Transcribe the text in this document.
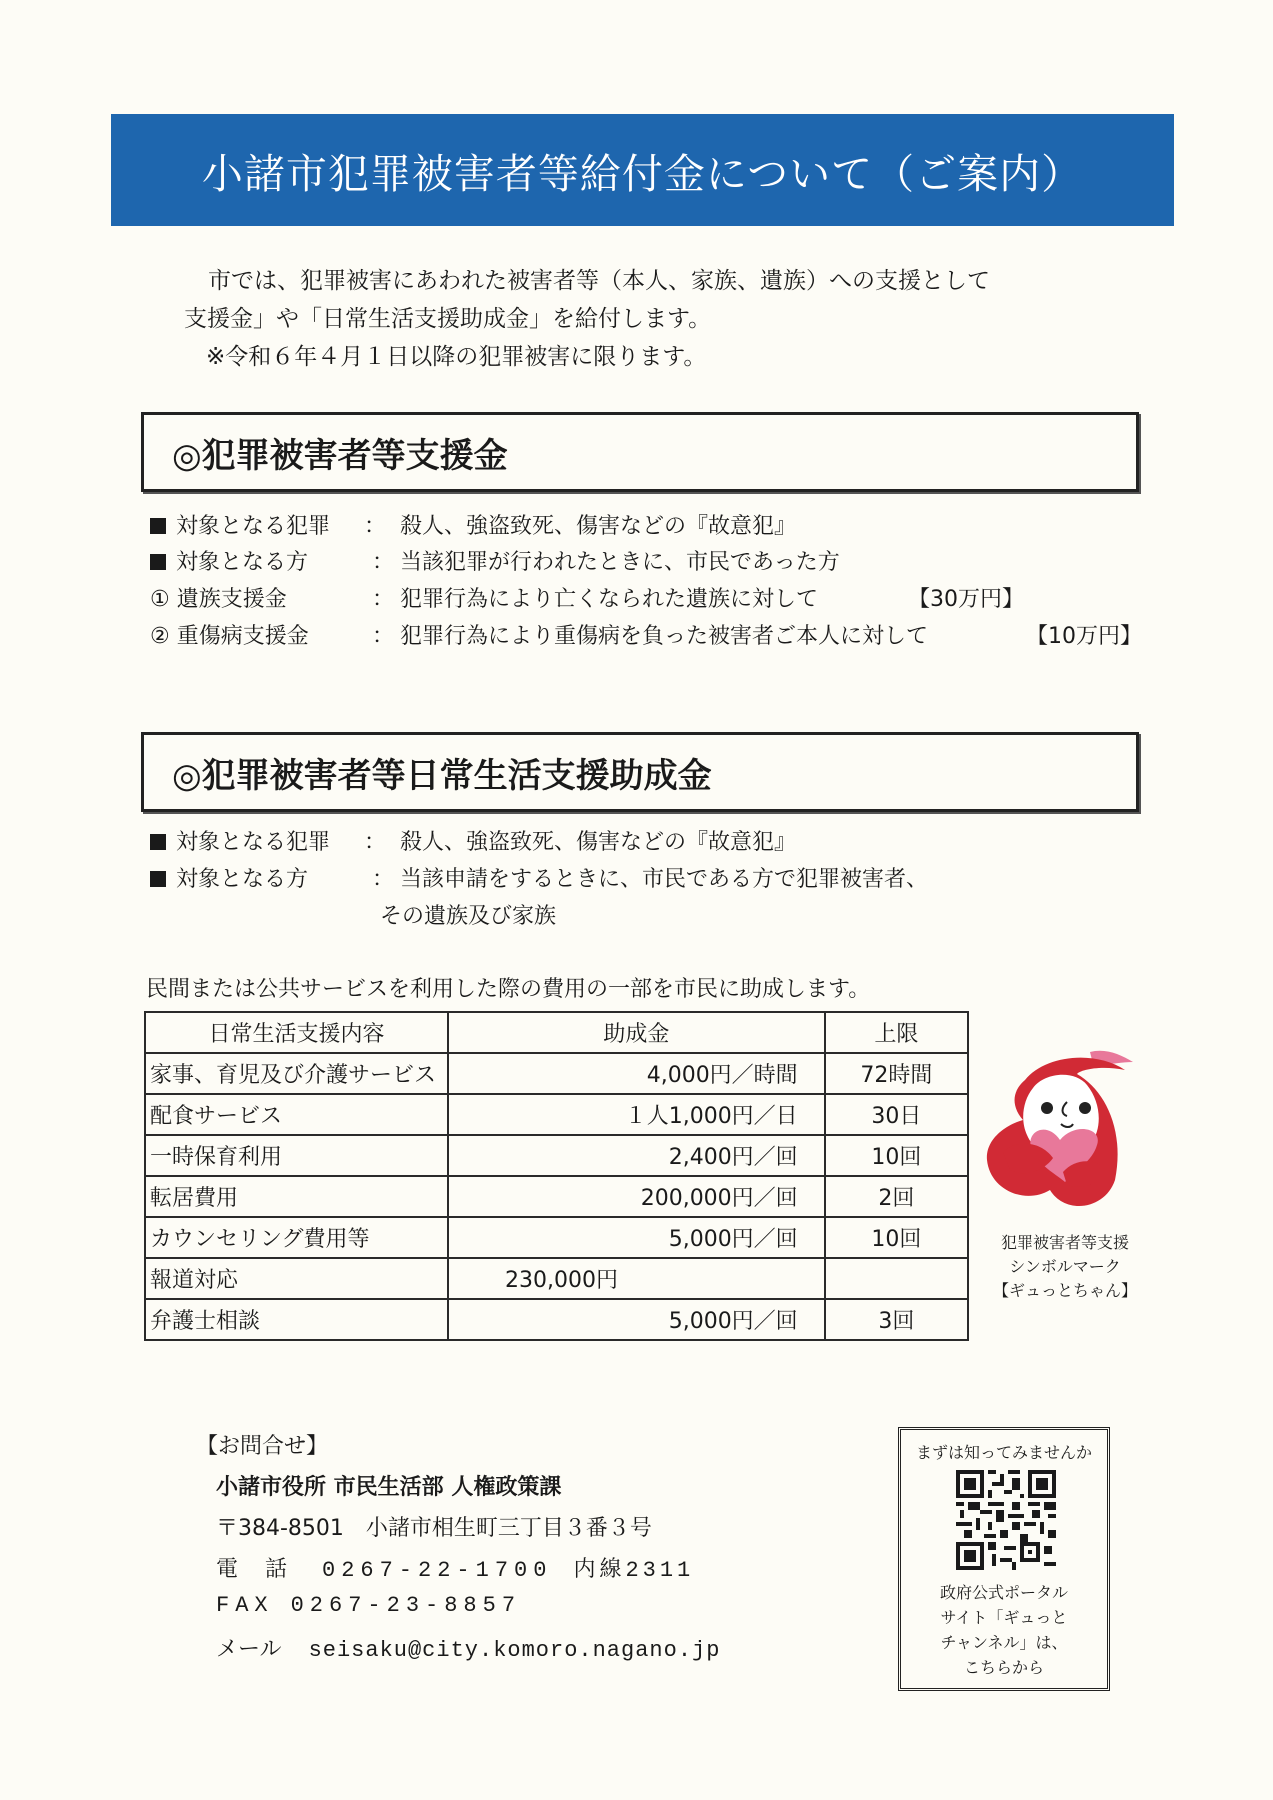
小諸市犯罪被害者等給付金について（ご案内）
市では、犯罪被害にあわれた被害者等（本人、家族、遺族）への支援として
支援金」や「日常生活支援助成金」を給付します。
※令和６年４月１日以降の犯罪被害に限ります。
◎犯罪被害者等支援金
対象となる犯罪 ： 殺人、強盗致死、傷害などの『故意犯』
対象となる方	： 当該犯罪が行われたときに、市民であった方
① 遺族支援金	： 犯罪行為により亡くなられた遺族に対して	【30万円】
② 重傷病支援金	： 犯罪行為により重傷病を負った被害者ご本人に対して	【10万円】
◎犯罪被害者等日常生活支援助成金
対象となる犯罪 ： 殺人、強盗致死、傷害などの『故意犯』
対象となる方	： 当該申請をするときに、市民である方で犯罪被害者、
その遺族及び家族
民間または公共サービスを利用した際の費用の一部を市民に助成します。
日常生活支援内容	助成金	上限
家事、育児及び介護サービス	4,000円／時間	72時間
配食サービス	１人1,000円／日	30日
一時保育利用	2,400円／回	10回
転居費用	200,000円／回	2回
カウンセリング費用等	5,000円／回	10回
報道対応	230,000円	
弁護士相談	5,000円／回	3回
犯罪被害者等支援
シンボルマーク
【ギュっとちゃん】
【お問合せ】
小諸市役所 市民生活部 人権政策課
〒384-8501　小諸市相生町三丁目３番３号
電 話 0267-22-1700 内線2311
FAX 0267-23-8857
メール seisaku@city.komoro.nagano.jp
まずは知ってみませんか
政府公式ポータル
サイト「ギュっと
チャンネル」は、
こちらから
